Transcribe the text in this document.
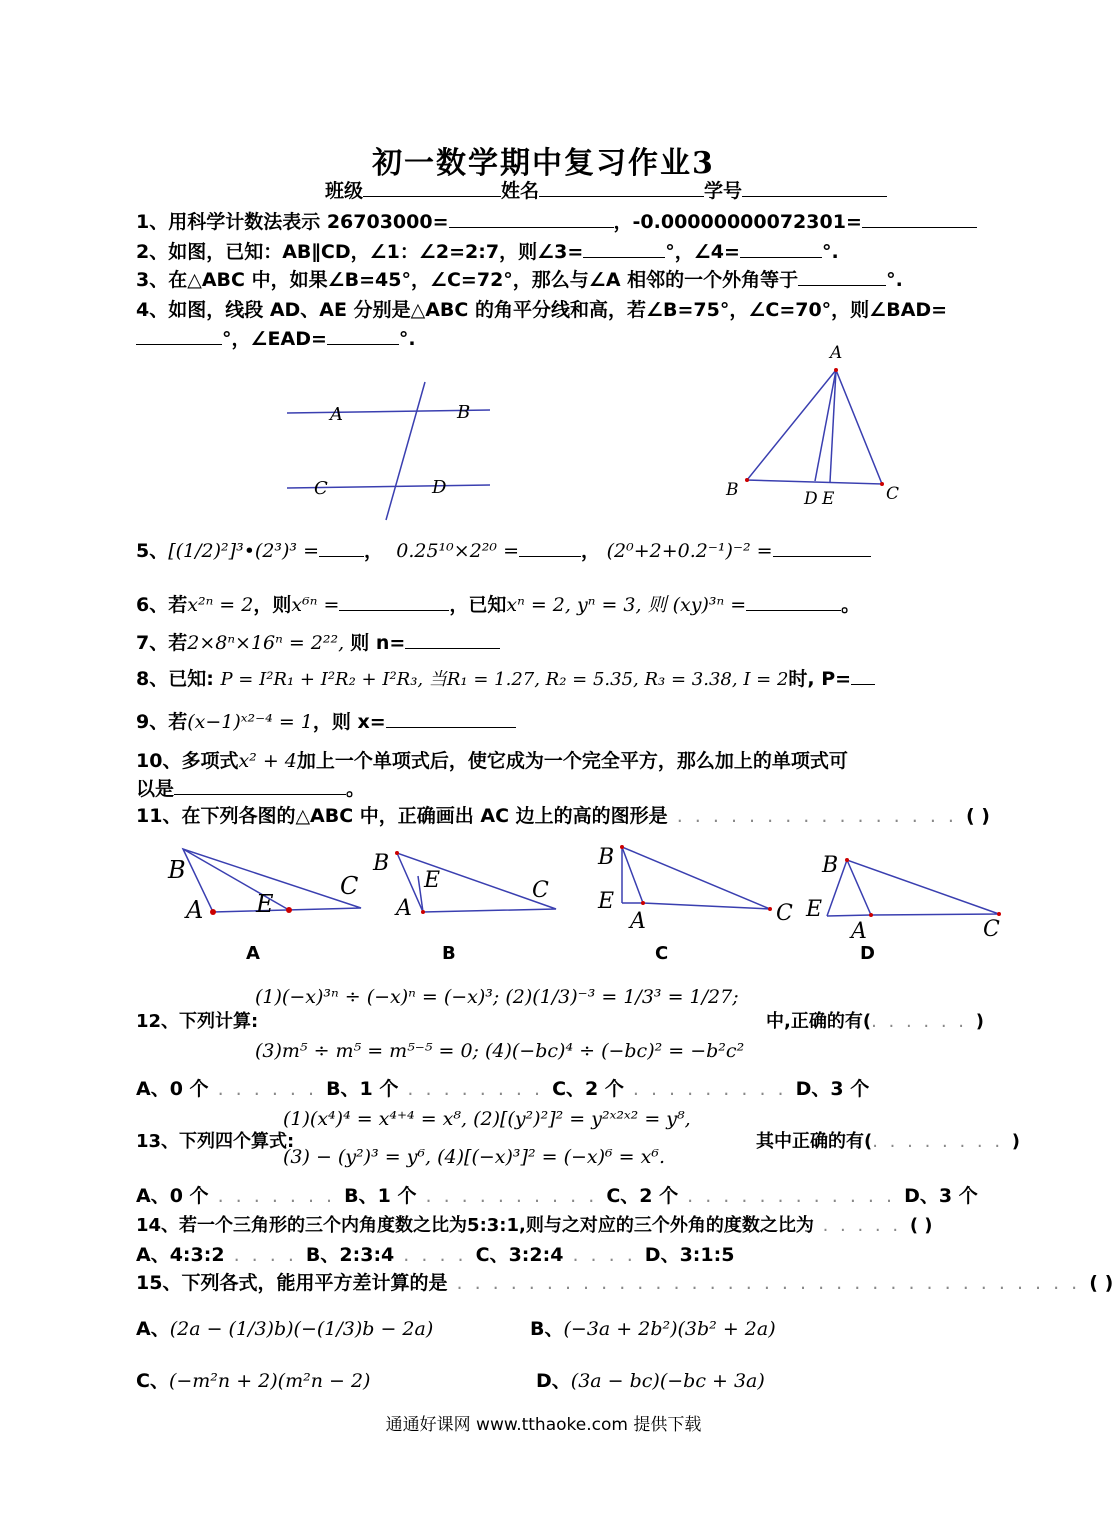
初一数学期中复习作业3
班级	姓名	学号
1、用科学计数法表示 26703000=	，-0.00000000072301=
2、如图，已知：AB∥CD，∠1：∠2=2:7，则∠3=	°，∠4=	°.
3、在△ABC 中，如果∠B=45°，∠C=72°，那么与∠A 相邻的一个外角等于	°.
4、如图，线段 AD、AE 分别是△ABC 的角平分线和高，若∠B=75°，∠C=70°，则∠BAD=
°，∠EAD=	°.
A	B
C	D
A
B	C
D E
B
A E
C
B
E
A
C
B
E
A	C
B
E
A	C
5、[(1/2)²]³•(2³)³ = ，  0.25¹⁰×2²⁰ =	， (2⁰+2+0.2⁻¹)⁻² =
6、若x²ⁿ = 2，则x⁶ⁿ =	，已知xⁿ = 2, yⁿ = 3, 则 (xy)³ⁿ =	。
7、若2×8ⁿ×16ⁿ = 2²², 则 n=
8、已知: P = I²R₁ + I²R₂ + I²R₃, 当R₁ = 1.27, R₂ = 5.35, R₃ = 3.38, I = 2时, P=
9、若(x−1)ˣ²⁻⁴ = 1，则 x=
10、多项式x² + 4加上一个单项式后，使它成为一个完全平方，那么加上的单项式可
以是	。
11、在下列各图的△ABC 中，正确画出 AC 边上的高的图形是 . . . . . . . . . . . . . . . . ( )
A	B	C	D
12、下列计算:
(1)(−x)³ⁿ ÷ (−x)ⁿ = (−x)³; (2)(1/3)⁻³ = 1/3³ = 1/27;
(3)m⁵ ÷ m⁵ = m⁵⁻⁵ = 0; (4)(−bc)⁴ ÷ (−bc)² = −b²c²
中,正确的有(. . . . . . )
A、0 个 . . . . . . B、1 个 . . . . . . . . C、2 个 . . . . . . . . . D、3 个
13、下列四个算式:
(1)(x⁴)⁴ = x⁴⁺⁴ = x⁸, (2)[(y²)²]² = y²ˣ²ˣ² = y⁸,
(3) − (y²)³ = y⁶, (4)[(−x)³]² = (−x)⁶ = x⁶.
其中正确的有(. . . . . . . . )
A、0 个 . . . . . . . B、1 个 . . . . . . . . . . C、2 个 . . . . . . . . . . . . D、3 个
14、若一个三角形的三个内角度数之比为5:3:1,则与之对应的三个外角的度数之比为 . . . . . ( )
A、4:3:2 . . . . B、2:3:4 . . . . C、3:2:4 . . . . D、3:1:5
15、下列各式，能用平方差计算的是 . . . . . . . . . . . . . . . . . . . . . . . . . . . . . . . . . . . ( )
A、(2a − (1/3)b)(−(1/3)b − 2a)	B、(−3a + 2b²)(3b² + 2a)
C、(−m²n + 2)(m²n − 2)	D、(3a − bc)(−bc + 3a)
通通好课网 www.tthaoke.com 提供下载
